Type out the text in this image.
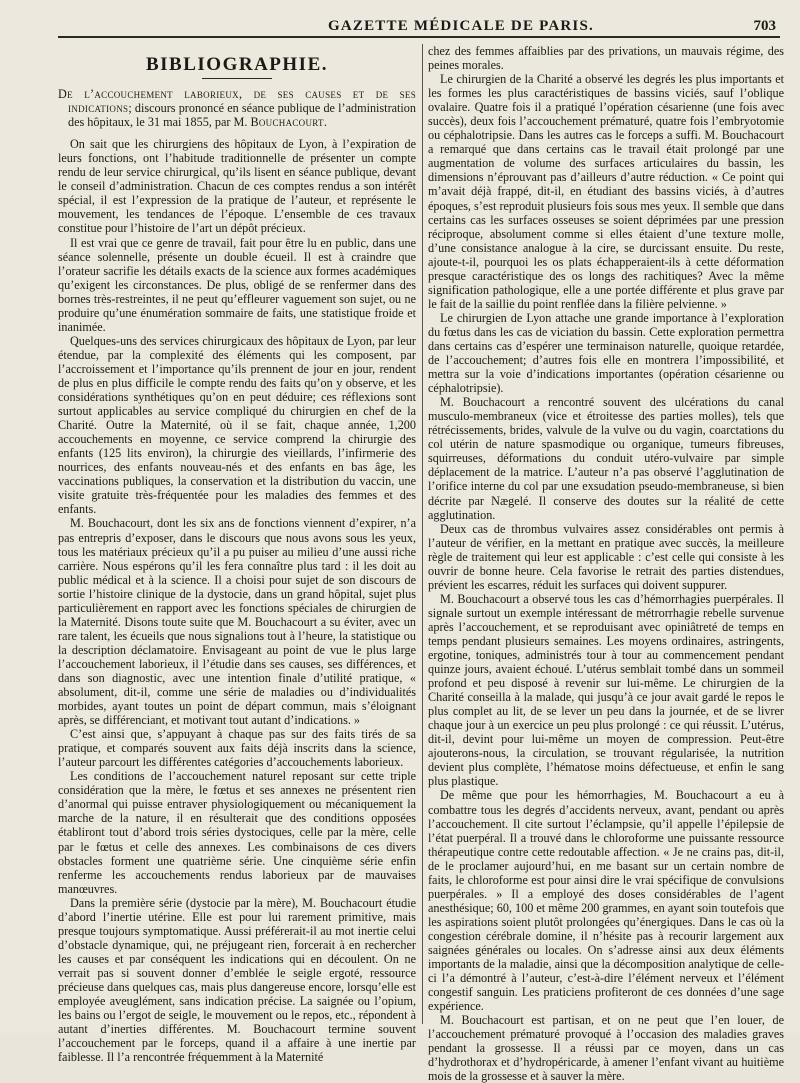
GAZETTE MÉDICALE DE PARIS.	703
BIBLIOGRAPHIE.

De l’accouchement laborieux, de ses causes et de ses indications; discours prononcé en séance publique de l’administration des hôpitaux, le 31 mai 1855, par M. Bouchacourt.

On sait que les chirurgiens des hôpitaux de Lyon, à l’expiration de leurs fonctions, ont l’habitude traditionnelle de présenter un compte rendu de leur service chirurgical, qu’ils lisent en séance publique, devant le conseil d’administration. Chacun de ces comptes rendus a son intérêt spécial, il est l’expression de la pratique de l’auteur, et représente le mouvement, les tendances de l’époque. L’ensemble de ces travaux constitue pour l’histoire de l’art un dépôt précieux.

Il est vrai que ce genre de travail, fait pour être lu en public, dans une séance solennelle, présente un double écueil. Il est à craindre que l’orateur sacrifie les détails exacts de la science aux formes académiques qu’exigent les circonstances. De plus, obligé de se renfermer dans des bornes très-restreintes, il ne peut qu’effleurer vaguement son sujet, ou ne produire qu’une énumération sommaire de faits, une statistique froide et inanimée.

Quelques-uns des services chirurgicaux des hôpitaux de Lyon, par leur étendue, par la complexité des éléments qui les composent, par l’accroissement et l’importance qu’ils prennent de jour en jour, rendent de plus en plus difficile le compte rendu des faits qu’on y observe, et les considérations synthétiques qu’on en peut déduire; ces réflexions sont surtout applicables au service compliqué du chirurgien en chef de la Charité. Outre la Maternité, où il se fait, chaque année, 1,200 accouchements en moyenne, ce service comprend la chirurgie des enfants (125 lits environ), la chirurgie des vieillards, l’infirmerie des nourrices, des enfants nouveau-nés et des enfants en bas âge, les vaccinations publiques, la conservation et la distribution du vaccin, une visite gratuite très-fréquentée pour les maladies des femmes et des enfants.

M. Bouchacourt, dont les six ans de fonctions viennent d’expirer, n’a pas entrepris d’exposer, dans le discours que nous avons sous les yeux, tous les matériaux précieux qu’il a pu puiser au milieu d’une aussi riche carrière. Nous espérons qu’il les fera connaître plus tard : il les doit au public médical et à la science. Il a choisi pour sujet de son discours de sortie l’histoire clinique de la dystocie, dans un grand hôpital, sujet plus particulièrement en rapport avec les fonctions spéciales de chirurgien de la Maternité. Disons toute suite que M. Bouchacourt a su éviter, avec un rare talent, les écueils que nous signalions tout à l’heure, la statistique ou la description déclamatoire. Envisageant au point de vue le plus large l’accouchement laborieux, il l’étudie dans ses causes, ses différences, et dans son diagnostic, avec une intention finale d’utilité pratique, « absolument, dit-il, comme une série de maladies ou d’individualités morbides, ayant toutes un point de départ commun, mais s’éloignant après, se différenciant, et motivant tout autant d’indications. »

C’est ainsi que, s’appuyant à chaque pas sur des faits tirés de sa pratique, et comparés souvent aux faits déjà inscrits dans la science, l’auteur parcourt les différentes catégories d’accouchements laborieux.

Les conditions de l’accouchement naturel reposant sur cette triple considération que la mère, le fœtus et ses annexes ne présentent rien d’anormal qui puisse entraver physiologiquement ou mécaniquement la marche de la nature, il en résulterait que des conditions opposées établiront tout d’abord trois séries dystociques, celle par la mère, celle par le fœtus et celle des annexes. Les combinaisons de ces divers obstacles forment une quatrième série. Une cinquième série enfin renferme les accouchements rendus laborieux par de mauvaises manœuvres.

Dans la première série (dystocie par la mère), M. Bouchacourt étudie d’abord l’inertie utérine. Elle est pour lui rarement primitive, mais presque toujours symptomatique. Aussi préférerait-il au mot inertie celui d’obstacle dynamique, qui, ne préjugeant rien, forcerait à en rechercher les causes et par conséquent les indications qui en découlent. On ne verrait pas si souvent donner d’emblée le seigle ergoté, ressource précieuse dans quelques cas, mais plus dangereuse encore, lorsqu’elle est employée aveuglément, sans indication précise. La saignée ou l’opium, les bains ou l’ergot de seigle, le mouvement ou le repos, etc., répondent à autant d’inerties différentes. M. Bouchacourt termine souvent l’accouchement par le forceps, quand il a affaire à une inertie par faiblesse. Il l’a rencontrée fréquemment à la Maternité

chez des femmes affaiblies par des privations, un mauvais régime, des peines morales.

Le chirurgien de la Charité a observé les degrés les plus importants et les formes les plus caractéristiques de bassins viciés, sauf l’oblique ovalaire. Quatre fois il a pratiqué l’opération césarienne (une fois avec succès), deux fois l’accouchement prématuré, quatre fois l’embryotomie ou céphalotripsie. Dans les autres cas le forceps a suffi. M. Bouchacourt a remarqué que dans certains cas le travail était prolongé par une augmentation de volume des surfaces articulaires du bassin, les dimensions n’éprouvant pas d’ailleurs d’autre réduction. « Ce point qui m’avait déjà frappé, dit-il, en étudiant des bassins viciés, à d’autres époques, s’est reproduit plusieurs fois sous mes yeux. Il semble que dans certains cas les surfaces osseuses se soient déprimées par une pression réciproque, absolument comme si elles étaient d’une texture molle, d’une consistance analogue à la cire, se durcissant ensuite. Du reste, ajoute-t-il, pourquoi les os plats échapperaient-ils à cette déformation presque caractéristique des os longs des rachitiques? Avec la même signification pathologique, elle a une portée différente et plus grave par le fait de la saillie du point renflée dans la filière pelvienne. »

Le chirurgien de Lyon attache une grande importance à l’exploration du fœtus dans les cas de viciation du bassin. Cette exploration permettra dans certains cas d’espérer une terminaison naturelle, quoique retardée, de l’accouchement; d’autres fois elle en montrera l’impossibilité, et mettra sur la voie d’indications importantes (opération césarienne ou céphalotripsie).

M. Bouchacourt a rencontré souvent des ulcérations du canal musculo-membraneux (vice et étroitesse des parties molles), tels que rétrécissements, brides, valvule de la vulve ou du vagin, coarctations du col utérin de nature spasmodique ou organique, tumeurs fibreuses, squirreuses, déformations du conduit utéro-vulvaire par simple déplacement de la matrice. L’auteur n’a pas observé l’agglutination de l’orifice interne du col par une exsudation pseudo-membraneuse, si bien décrite par Nægelé. Il conserve des doutes sur la réalité de cette agglutination.

Deux cas de thrombus vulvaires assez considérables ont permis à l’auteur de vérifier, en la mettant en pratique avec succès, la meilleure règle de traitement qui leur est applicable : c’est celle qui consiste à les ouvrir de bonne heure. Cela favorise le retrait des parties distendues, prévient les escarres, réduit les surfaces qui doivent suppurer.

M. Bouchacourt a observé tous les cas d’hémorrhagies puerpérales. Il signale surtout un exemple intéressant de métrorrhagie rebelle survenue après l’accouchement, et se reproduisant avec opiniâtreté de temps en temps pendant plusieurs semaines. Les moyens ordinaires, astringents, ergotine, toniques, administrés tour à tour au commencement pendant quinze jours, avaient échoué. L’utérus semblait tombé dans un sommeil profond et peu disposé à revenir sur lui-même. Le chirurgien de la Charité conseilla à la malade, qui jusqu’à ce jour avait gardé le repos le plus complet au lit, de se lever un peu dans la journée, et de se livrer chaque jour à un exercice un peu plus prolongé : ce qui réussit. L’utérus, dit-il, devint pour lui-même un moyen de compression. Peut-être ajouterons-nous, la circulation, se trouvant régularisée, la nutrition devient plus complète, l’hématose moins défectueuse, et enfin le sang plus plastique.

De même que pour les hémorrhagies, M. Bouchacourt a eu à combattre tous les degrés d’accidents nerveux, avant, pendant ou après l’accouchement. Il cite surtout l’éclampsie, qu’il appelle l’épilepsie de l’état puerpéral. Il a trouvé dans le chloroforme une puissante ressource thérapeutique contre cette redoutable affection. « Je ne crains pas, dit-il, de le proclamer aujourd’hui, en me basant sur un certain nombre de faits, le chloroforme est pour ainsi dire le vrai spécifique de convulsions puerpérales. » Il a employé des doses considérables de l’agent anesthésique; 60, 100 et même 200 grammes, en ayant soin toutefois que les aspirations soient plutôt prolongées qu’énergiques. Dans le cas où la congestion cérébrale domine, il n’hésite pas à recourir largement aux saignées générales ou locales. On s’adresse ainsi aux deux éléments importants de la maladie, ainsi que la décomposition analytique de celle-ci l’a démontré à l’auteur, c’est-à-dire l’élément nerveux et l’élément congestif sanguin. Les praticiens profiteront de ces données d’une sage expérience.

M. Bouchacourt est partisan, et on ne peut que l’en louer, de l’accouchement prématuré provoqué à l’occasion des maladies graves pendant la grossesse. Il a réussi par ce moyen, dans un cas d’hydrothorax et d’hydropéricarde, à amener l’enfant vivant au huitième mois de la grossesse et à sauver la mère.
